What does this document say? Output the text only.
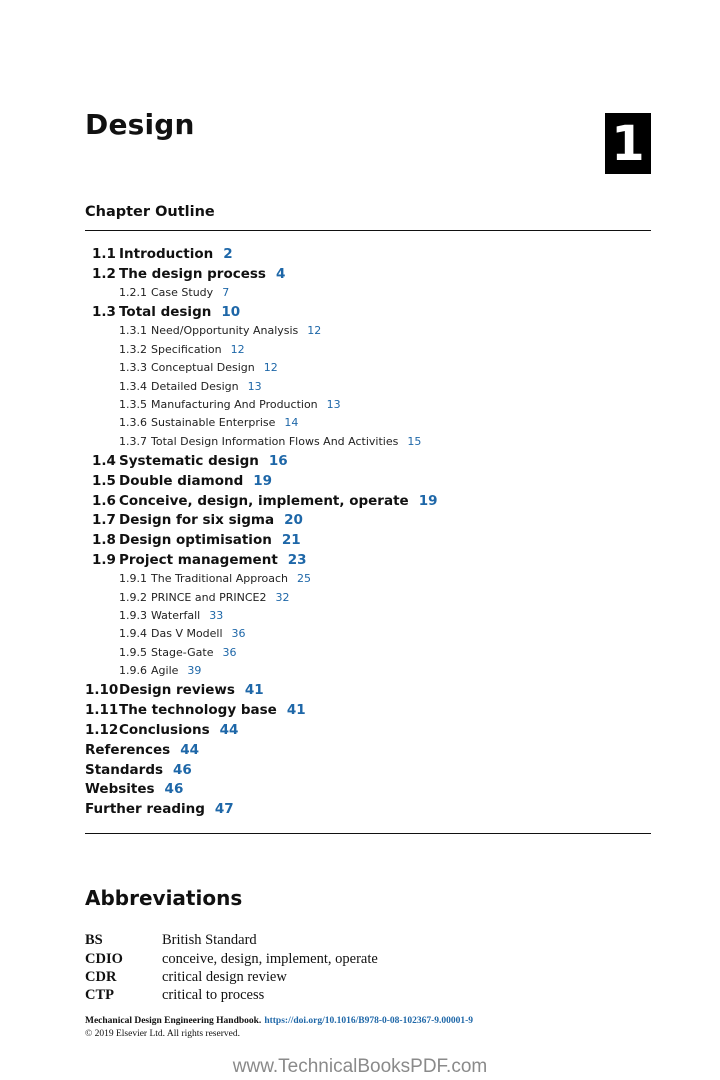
Design	1
Chapter Outline
1.1 Introduction 2
1.2 The design process 4
1.2.1 Case Study 7
1.3 Total design 10
1.3.1 Need/Opportunity Analysis 12
1.3.2 Specification 12
1.3.3 Conceptual Design 12
1.3.4 Detailed Design 13
1.3.5 Manufacturing And Production 13
1.3.6 Sustainable Enterprise 14
1.3.7 Total Design Information Flows And Activities 15
1.4 Systematic design 16
1.5 Double diamond 19
1.6 Conceive, design, implement, operate 19
1.7 Design for six sigma 20
1.8 Design optimisation 21
1.9 Project management 23
1.9.1 The Traditional Approach 25
1.9.2 PRINCE and PRINCE2 32
1.9.3 Waterfall 33
1.9.4 Das V Modell 36
1.9.5 Stage-Gate 36
1.9.6 Agile 39
1.10Design reviews 41
1.11The technology base 41
1.12Conclusions 44
References 44
Standards 46
Websites 46
Further reading 47
Abbreviations
BS	British Standard
CDIO	conceive, design, implement, operate
CDR	critical design review
CTP	critical to process
Mechanical Design Engineering Handbook. https://doi.org/10.1016/B978-0-08-102367-9.00001-9
© 2019 Elsevier Ltd. All rights reserved.
www.TechnicalBooksPDF.com
